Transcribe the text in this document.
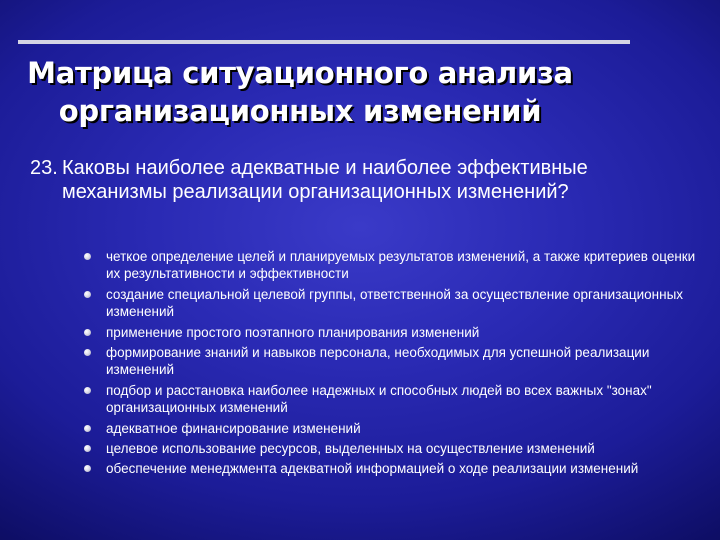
Матрица ситуационного анализа
организационных изменений
23. Каковы наиболее адекватные и наиболее эффективные механизмы реализации организационных изменений?
четкое определение целей и планируемых результатов изменений, а также критериев оценки их результативности и эффективности
создание специальной целевой группы, ответственной за осуществление организационных изменений
применение простого поэтапного планирования изменений
формирование знаний и навыков персонала, необходимых для успешной реализации изменений
подбор и расстановка наиболее надежных и способных людей во всех важных "зонах" организационных изменений
адекватное финансирование изменений
целевое использование ресурсов, выделенных на осуществление изменений
обеспечение менеджмента адекватной информацией о ходе реализации изменений
